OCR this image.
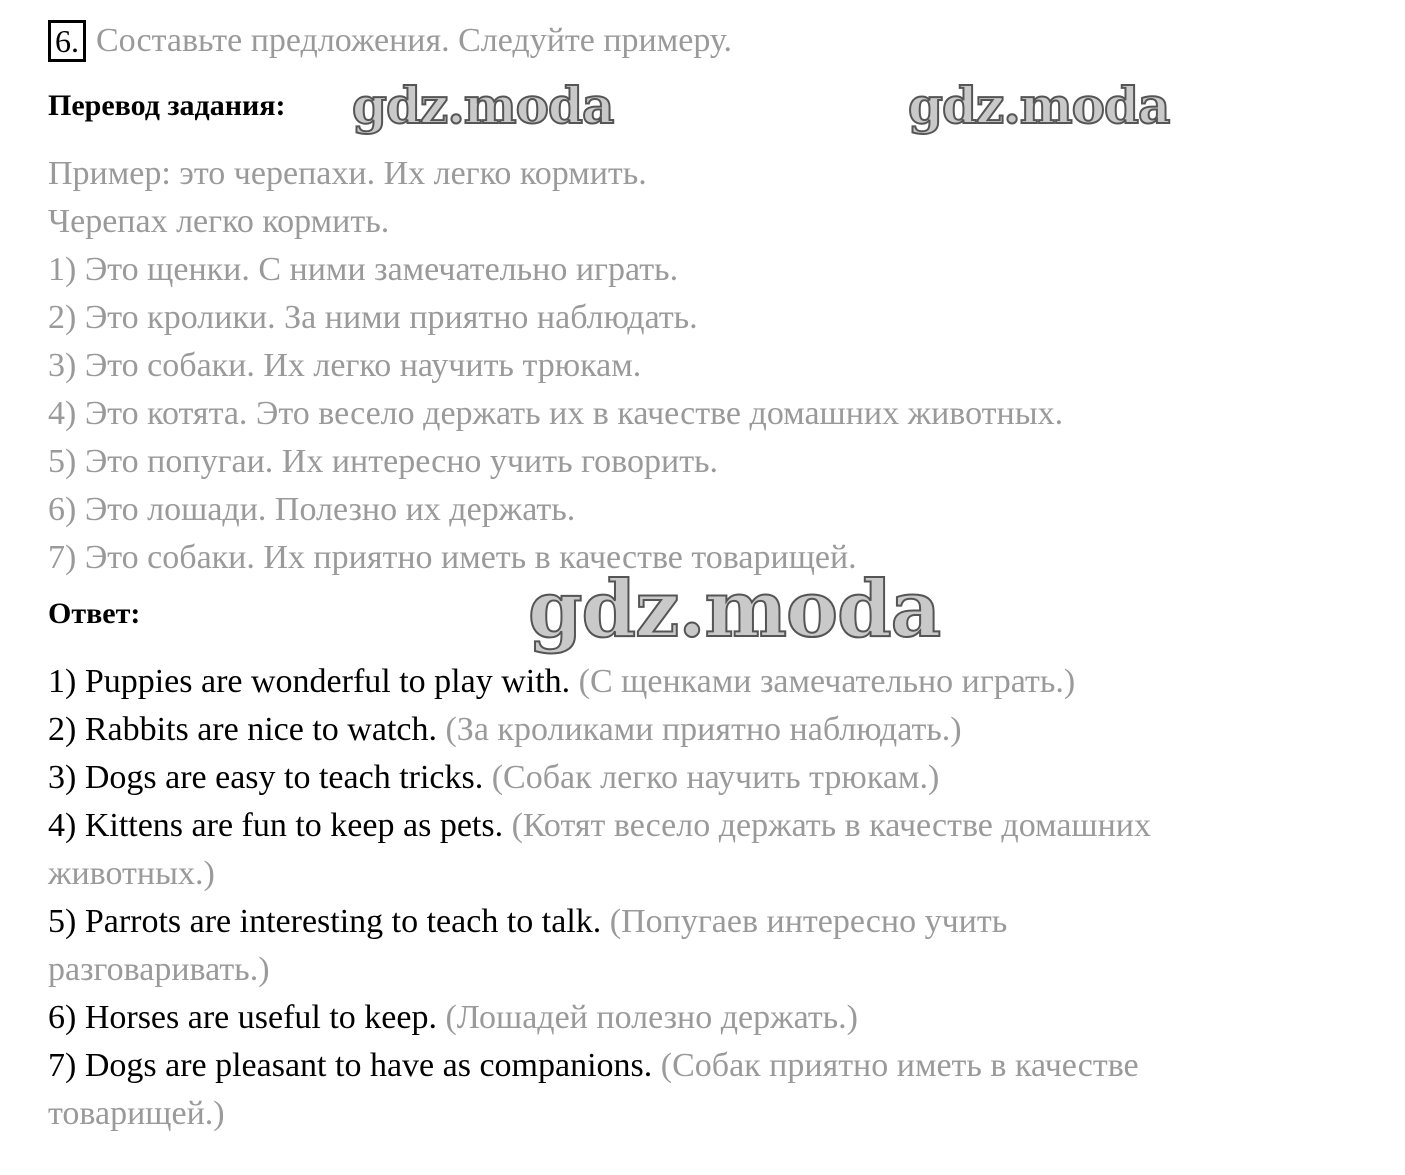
6. Составьте предложения. Следуйте примеру.
Перевод задания: gdz.moda	gdz.moda
Пример: это черепахи. Их легко кормить.
Черепах легко кормить.
1) Это щенки. С ними замечательно играть.
2) Это кролики. За ними приятно наблюдать.
3) Это собаки. Их легко научить трюкам.
4) Это котята. Это весело держать их в качестве домашних животных.
5) Это попугаи. Их интересно учить говорить.
6) Это лошади. Полезно их держать.
7) Это собаки. Их приятно иметь в качестве товарищей.
Ответ:	gdz.moda
1) Puppies are wonderful to play with. (С щенками замечательно играть.)
2) Rabbits are nice to watch. (За кроликами приятно наблюдать.)
3) Dogs are easy to teach tricks. (Собак легко научить трюкам.)
4) Kittens are fun to keep as pets. (Котят весело держать в качестве домашних
животных.)
5) Parrots are interesting to teach to talk. (Попугаев интересно учить
разговаривать.)
6) Horses are useful to keep. (Лошадей полезно держать.)
7) Dogs are pleasant to have as companions. (Собак приятно иметь в качестве
товарищей.)
